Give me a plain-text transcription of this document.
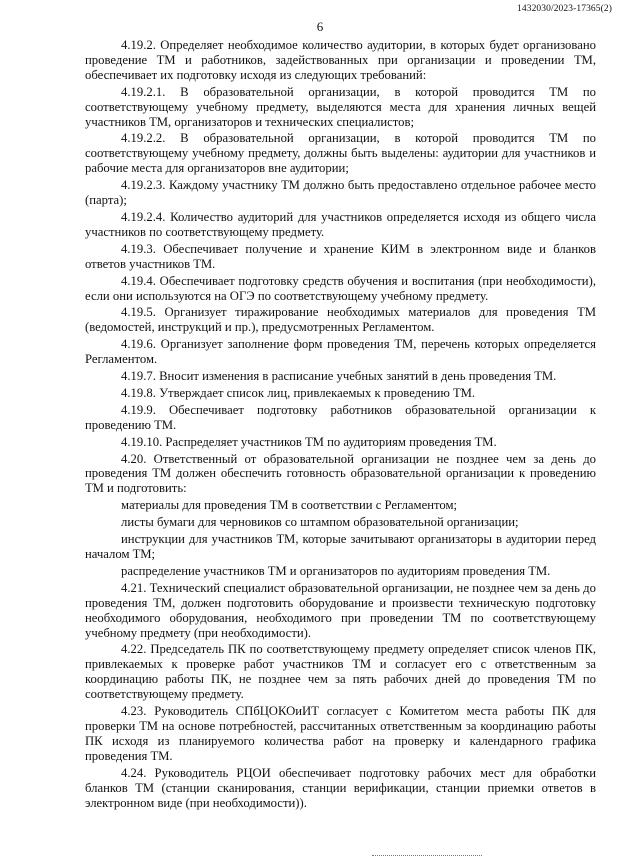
1432030/2023-17365(2)
6

4.19.2. Определяет необходимое количество аудитории, в которых будет организовано проведение ТМ и работников, задействованных при организации и проведении ТМ, обеспечивает их подготовку исходя из следующих требований:

4.19.2.1. В образовательной организации, в которой проводится ТМ по соответствующему учебному предмету, выделяются места для хранения личных вещей участников ТМ, организаторов и технических специалистов;

4.19.2.2. В образовательной организации, в которой проводится ТМ по соответствующему учебному предмету, должны быть выделены: аудитории для участников и рабочие места для организаторов вне аудитории;

4.19.2.3. Каждому участнику ТМ должно быть предоставлено отдельное рабочее место (парта);

4.19.2.4. Количество аудиторий для участников определяется исходя из общего числа участников по соответствующему предмету.

4.19.3. Обеспечивает получение и хранение КИМ в электронном виде и бланков ответов участников ТМ.

4.19.4. Обеспечивает подготовку средств обучения и воспитания (при необходимости), если они используются на ОГЭ по соответствующему учебному предмету.

4.19.5. Организует тиражирование необходимых материалов для проведения ТМ (ведомостей, инструкций и пр.), предусмотренных Регламентом.

4.19.6. Организует заполнение форм проведения ТМ, перечень которых определяется Регламентом.

4.19.7. Вносит изменения в расписание учебных занятий в день проведения ТМ.

4.19.8. Утверждает список лиц, привлекаемых к проведению ТМ.

4.19.9. Обеспечивает подготовку работников образовательной организации к проведению ТМ.

4.19.10. Распределяет участников ТМ по аудиториям проведения ТМ.

4.20. Ответственный от образовательной организации не позднее чем за день до проведения ТМ должен обеспечить готовность образовательной организации к проведению ТМ и подготовить:

материалы для проведения ТМ в соответствии с Регламентом;

листы бумаги для черновиков со штампом образовательной организации;

инструкции для участников ТМ, которые зачитывают организаторы в аудитории перед началом ТМ;

распределение участников ТМ и организаторов по аудиториям проведения ТМ.

4.21. Технический специалист образовательной организации, не позднее чем за день до проведения ТМ, должен подготовить оборудование и произвести техническую подготовку необходимого оборудования, необходимого при проведении ТМ по соответствующему учебному предмету (при необходимости).

4.22. Председатель ПК по соответствующему предмету определяет список членов ПК, привлекаемых к проверке работ участников ТМ и согласует его с ответственным за координацию работы ПК, не позднее чем за пять рабочих дней до проведения ТМ по соответствующему предмету.

4.23. Руководитель СПбЦОКОиИТ согласует с Комитетом места работы ПК для проверки ТМ на основе потребностей, рассчитанных ответственным за координацию работы ПК исходя из планируемого количества работ на проверку и календарного графика проведения ТМ.

4.24. Руководитель РЦОИ обеспечивает подготовку рабочих мест для обработки бланков ТМ (станции сканирования, станции верификации, станции приемки ответов в электронном виде (при необходимости)).
